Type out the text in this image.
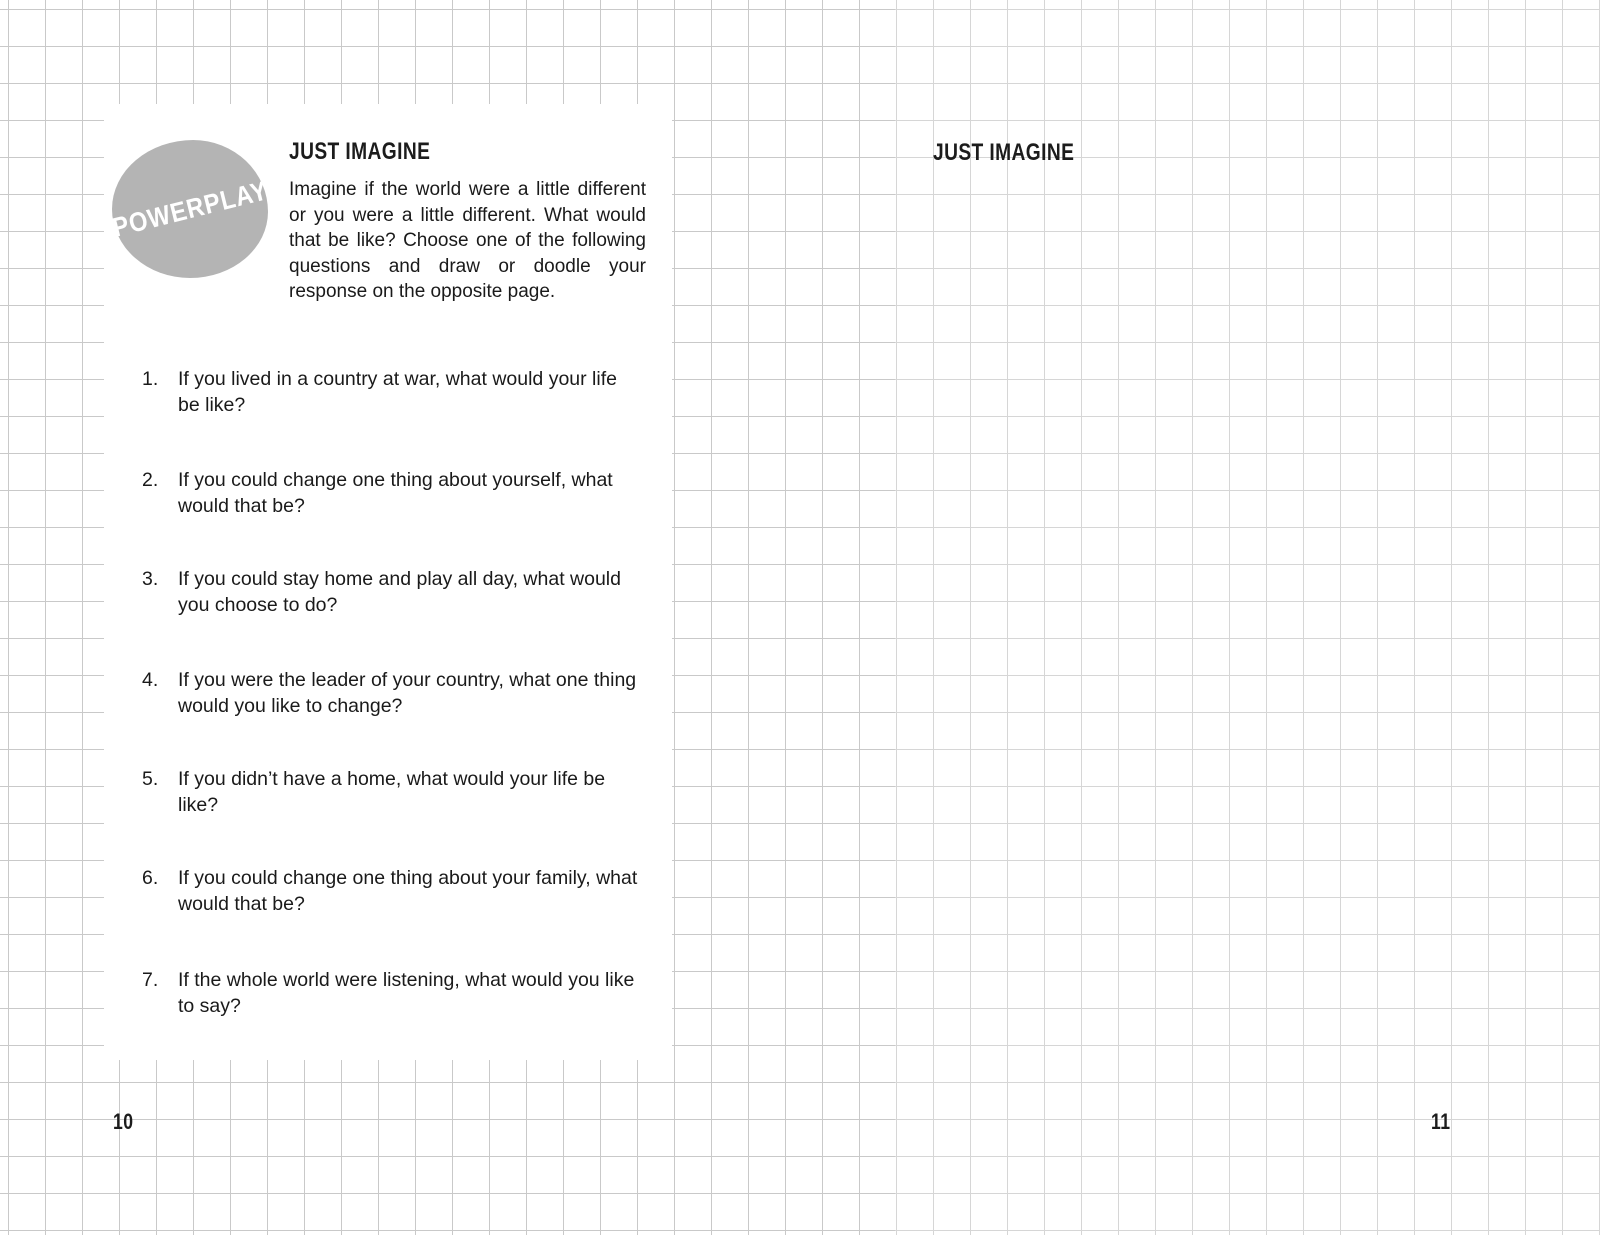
POWERPLAY
JUST IMAGINE
Imagine if the world were a little different or you were a little different. What would that be like? Choose one of the following questions and draw or doodle your response on the opposite page.
1.	If you lived in a country at war, what would your life be like?
2.	If you could change one thing about yourself, what would that be?
3.	If you could stay home and play all day, what would you choose to do?
4.	If you were the leader of your country, what one thing would you like to change?
5.	If you didn’t have a home, what would your life be like?
6.	If you could change one thing about your family, what would that be?
7.	If the whole world were listening, what would you like to say?
JUST IMAGINE
10	11
